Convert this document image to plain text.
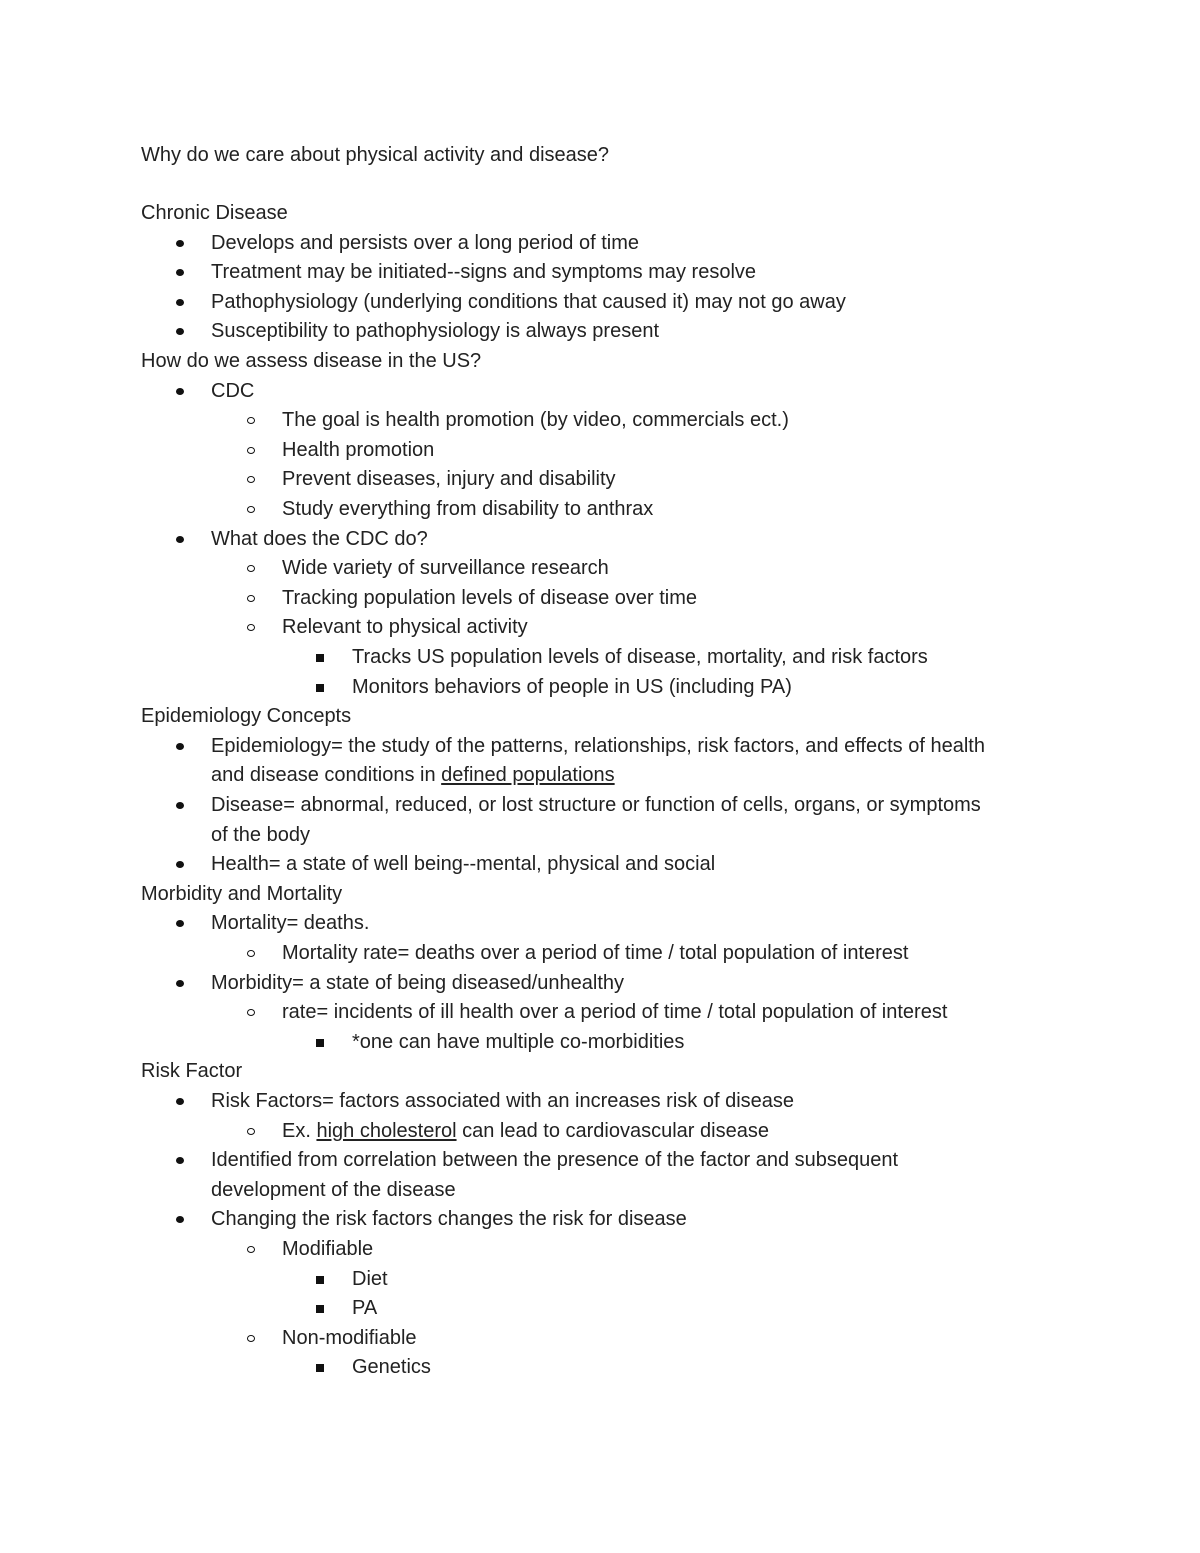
Why do we care about physical activity and disease?
Chronic Disease
Develops and persists over a long period of time
Treatment may be initiated--signs and symptoms may resolve
Pathophysiology (underlying conditions that caused it) may not go away
Susceptibility to pathophysiology is always present
How do we assess disease in the US?
CDC
The goal is health promotion (by video, commercials ect.)
Health promotion
Prevent diseases, injury and disability
Study everything from disability to anthrax
What does the CDC do?
Wide variety of surveillance research
Tracking population levels of disease over time
Relevant to physical activity
Tracks US population levels of disease, mortality, and risk factors
Monitors behaviors of people in US (including PA)
Epidemiology Concepts
Epidemiology= the study of the patterns, relationships, risk factors, and effects of health
and disease conditions in defined populations
Disease= abnormal, reduced, or lost structure or function of cells, organs, or symptoms
of the body
Health= a state of well being--mental, physical and social
Morbidity and Mortality
Mortality= deaths.
Mortality rate= deaths over a period of time / total population of interest
Morbidity= a state of being diseased/unhealthy
rate= incidents of ill health over a period of time / total population of interest
*one can have multiple co-morbidities
Risk Factor
Risk Factors= factors associated with an increases risk of disease
Ex. high cholesterol can lead to cardiovascular disease
Identified from correlation between the presence of the factor and subsequent
development of the disease
Changing the risk factors changes the risk for disease
Modifiable
Diet
PA
Non-modifiable
Genetics
